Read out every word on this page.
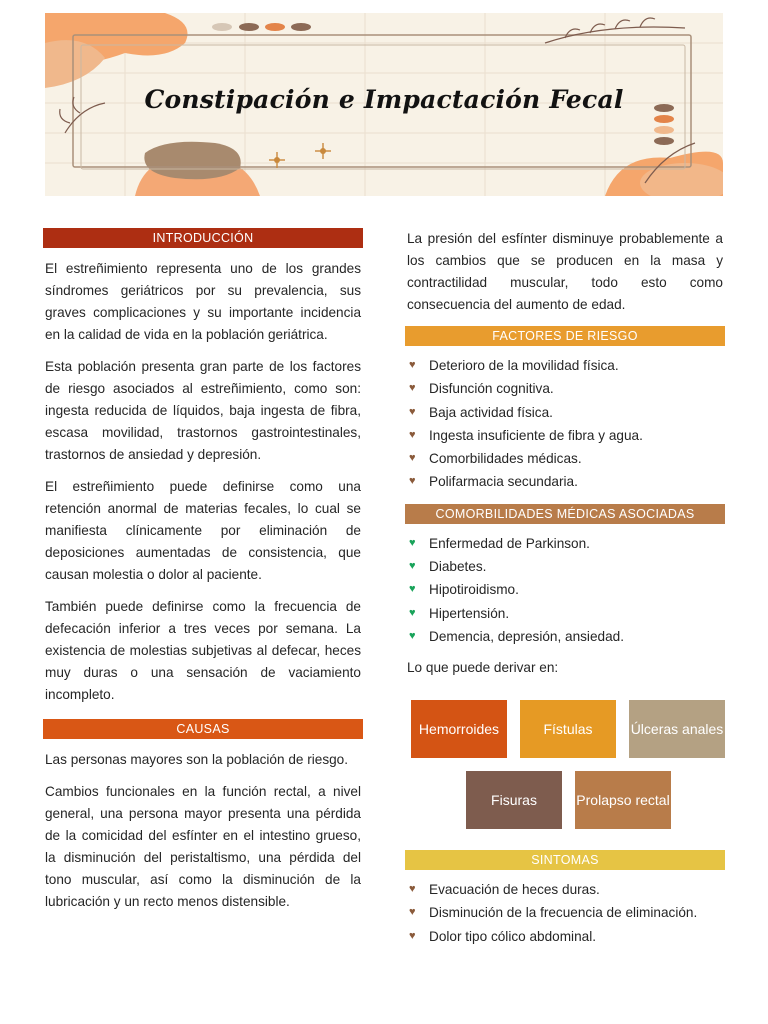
Constipación e Impactación Fecal
INTRODUCCIÓN

El estreñimiento representa uno de los grandes síndromes geriátricos por su prevalencia, sus graves complicaciones y su importante incidencia en la calidad de vida en la población geriátrica.

Esta población presenta gran parte de los factores de riesgo asociados al estreñimiento, como son: ingesta reducida de líquidos, baja ingesta de fibra, escasa movilidad, trastornos gastrointestinales, trastornos de ansiedad y depresión.

El estreñimiento puede definirse como una retención anormal de materias fecales, lo cual se manifiesta clínicamente por eliminación de deposiciones aumentadas de consistencia, que causan molestia o dolor al paciente.

También puede definirse como la frecuencia de defecación inferior a tres veces por semana. La existencia de molestias subjetivas al defecar, heces muy duras o una sensación de vaciamiento incompleto.

CAUSAS

Las personas mayores son la población de riesgo.

Cambios funcionales en la función rectal, a nivel general, una persona mayor presenta una pérdida de la comicidad del esfínter en el intestino grueso, la disminución del peristaltismo, una pérdida del tono muscular, así como la disminución de la lubricación y un recto menos distensible.

La presión del esfínter disminuye probablemente a los cambios que se producen en la masa y contractilidad muscular, todo esto como consecuencia del aumento de edad.

FACTORES DE RIESGO
♥ Deterioro de la movilidad física.
♥ Disfunción cognitiva.
♥ Baja actividad física.
♥ Ingesta insuficiente de fibra y agua.
♥ Comorbilidades médicas.
♥ Polifarmacia secundaria.
COMORBILIDADES MÉDICAS ASOCIADAS
♥ Enfermedad de Parkinson.
♥ Diabetes.
♥ Hipotiroidismo.
♥ Hipertensión.
♥ Demencia, depresión, ansiedad.

Lo que puede derivar en:

Hemorroides	Fístulas	Úlceras anales
Fisuras	Prolapso rectal
SINTOMAS
♥ Evacuación de heces duras.
♥ Disminución de la frecuencia de eliminación.
♥ Dolor tipo cólico abdominal.
